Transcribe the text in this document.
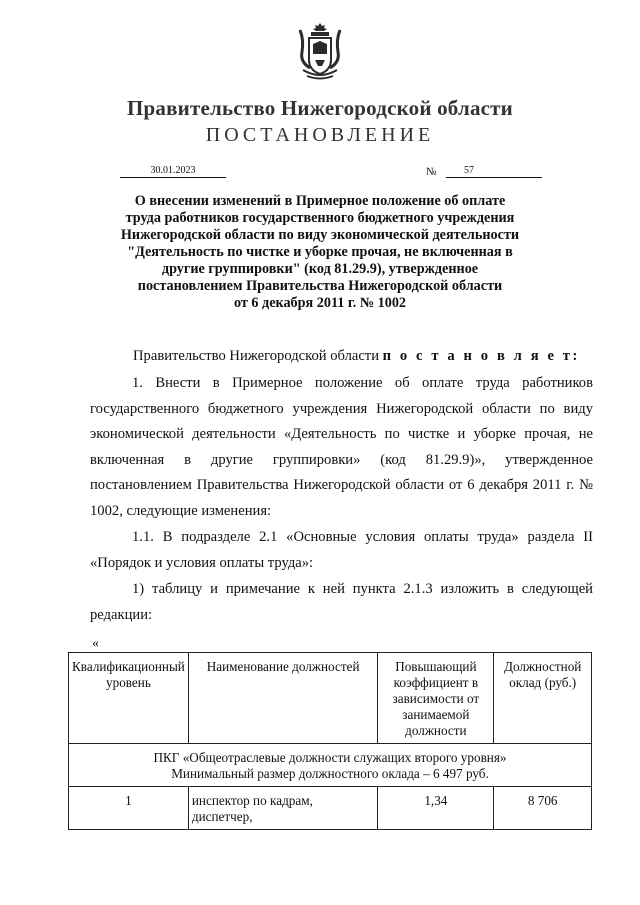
Правительство Нижегородской области
ПОСТАНОВЛЕНИЕ
30.01.2023	№	57
О внесении изменений в Примерное положение об оплате
труда работников государственного бюджетного учреждения
Нижегородской области по виду экономической деятельности
"Деятельность по чистке и уборке прочая, не включенная в
другие группировки" (код 81.29.9), утвержденное
постановлением Правительства Нижегородской области
от 6 декабря 2011 г. № 1002
Правительство Нижегородской области п о с т а н о в л я е т:
1. Внести в Примерное положение об оплате труда работников государственного бюджетного учреждения Нижегородской области по виду экономической деятельности «Деятельность по чистке и уборке прочая, не включенная в другие группировки» (код 81.29.9)», утвержденное постановлением Правительства Нижегородской области от 6 декабря 2011 г. № 1002, следующие изменения:
1.1. В подразделе 2.1 «Основные условия оплаты труда» раздела II «Порядок и условия оплаты труда»:
1) таблицу и примечание к ней пункта 2.1.3 изложить в следующей редакции:
«
Квалификационный уровень	Наименование должностей	Повышающий коэффициент в зависимости от занимаемой должности	Должностной оклад (руб.)

ПКГ «Общеотраслевые должности служащих второго уровня»
Минимальный размер должностного оклада – 6 497 руб.			

1	инспектор по кадрам, диспетчер,	1,34	8 706
